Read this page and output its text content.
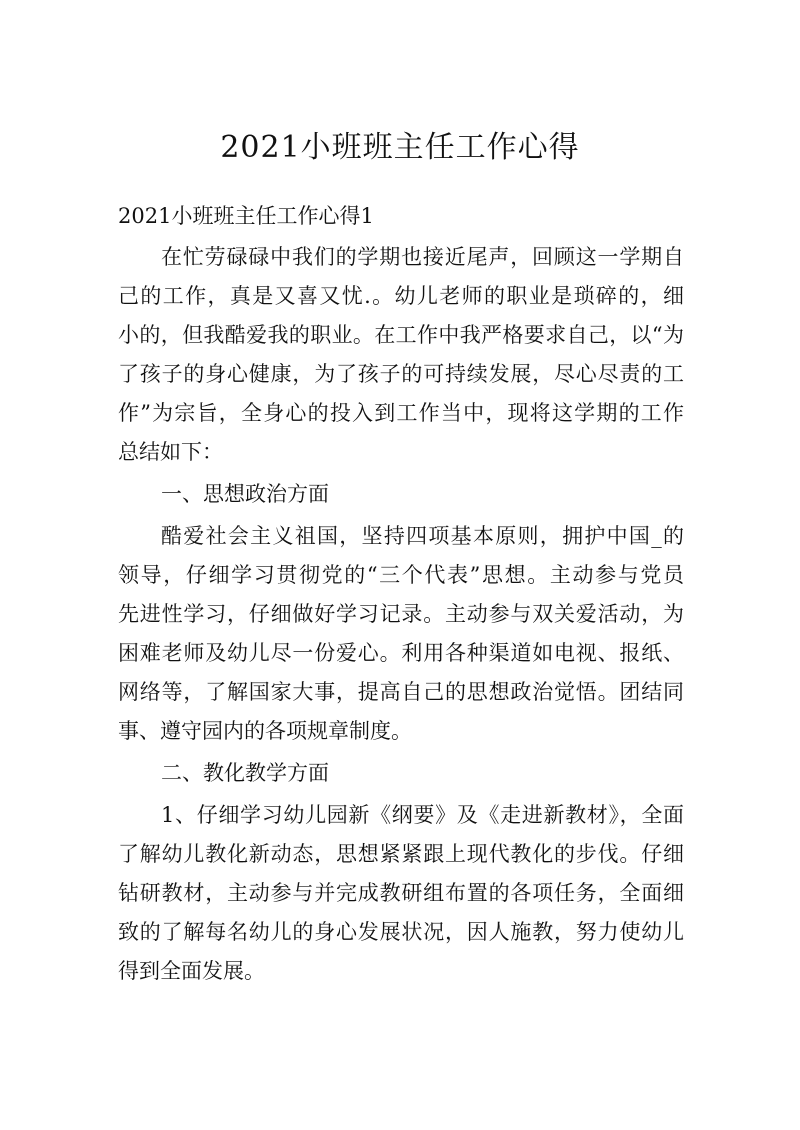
2021小班班主任工作心得
2021小班班主任工作心得1
在忙劳碌碌中我们的学期也接近尾声，回顾这一学期自
己的工作，真是又喜又忧.。幼儿老师的职业是琐碎的，细
小的，但我酷爱我的职业。在工作中我严格要求自己，以“为
了孩子的身心健康，为了孩子的可持续发展，尽心尽责的工
作”为宗旨，全身心的投入到工作当中，现将这学期的工作
总结如下：
一、思想政治方面
酷爱社会主义祖国，坚持四项基本原则，拥护中国_的
领导，仔细学习贯彻党的“三个代表”思想。主动参与党员
先进性学习，仔细做好学习记录。主动参与双关爱活动，为
困难老师及幼儿尽一份爱心。利用各种渠道如电视、报纸、
网络等，了解国家大事，提高自己的思想政治觉悟。团结同
事、遵守园内的各项规章制度。
二、教化教学方面
1、仔细学习幼儿园新《纲要》及《走进新教材》，全面
了解幼儿教化新动态，思想紧紧跟上现代教化的步伐。仔细
钻研教材，主动参与并完成教研组布置的各项任务，全面细
致的了解每名幼儿的身心发展状况，因人施教，努力使幼儿
得到全面发展。
